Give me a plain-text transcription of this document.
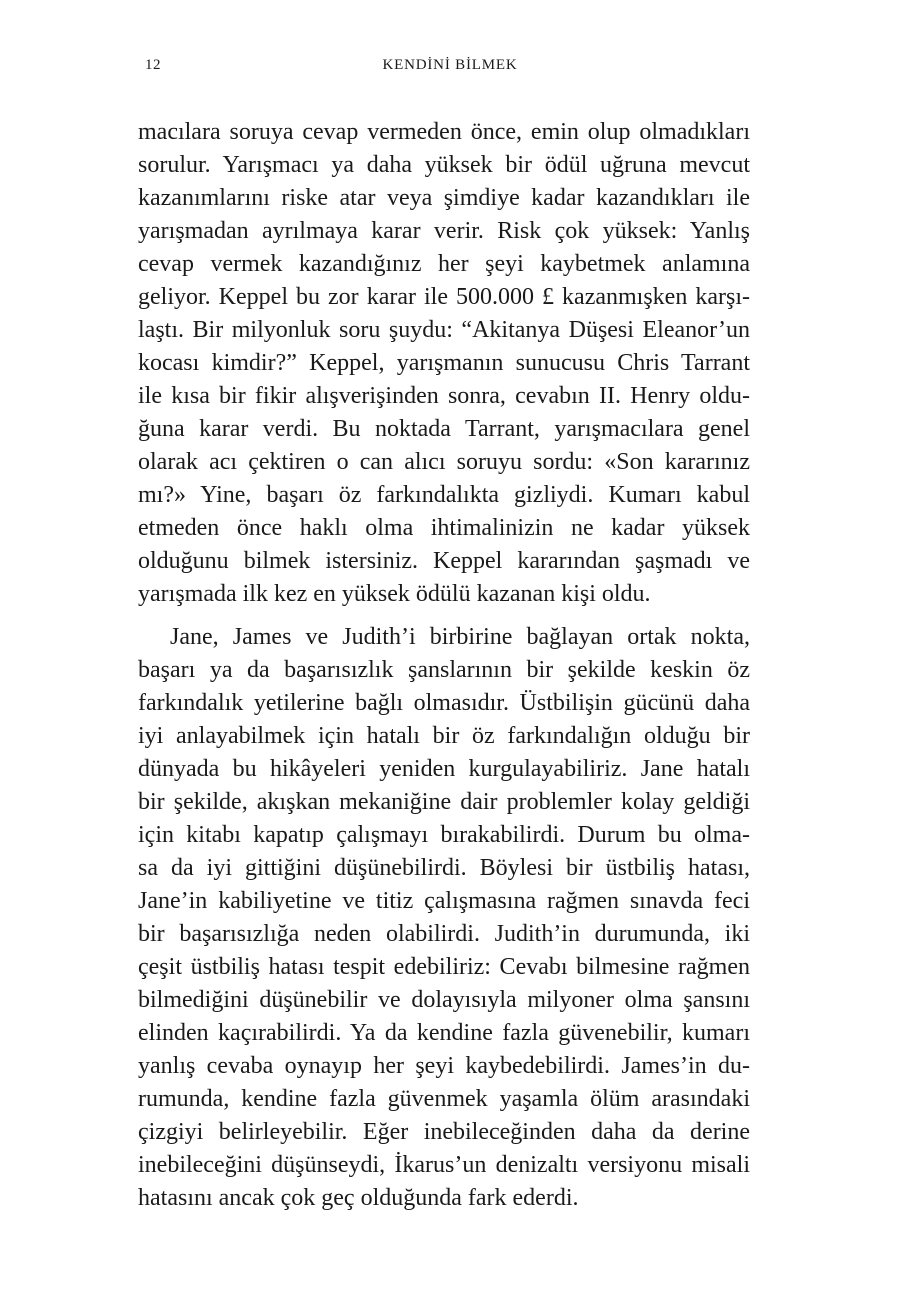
12	KENDİNİ BİLMEK
macılara soruya cevap vermeden önce, emin olup olmadıkları
sorulur. Yarışmacı ya daha yüksek bir ödül uğruna mevcut
kazanımlarını riske atar veya şimdiye kadar kazandıkları ile
yarışmadan ayrılmaya karar verir. Risk çok yüksek: Yanlış
cevap vermek kazandığınız her şeyi kaybetmek anlamına
geliyor. Keppel bu zor karar ile 500.000 £ kazanmışken karşı-
laştı. Bir milyonluk soru şuydu: “Akitanya Düşesi Eleanor’un
kocası kimdir?” Keppel, yarışmanın sunucusu Chris Tarrant
ile kısa bir fikir alışverişinden sonra, cevabın II. Henry oldu-
ğuna karar verdi. Bu noktada Tarrant, yarışmacılara genel
olarak acı çektiren o can alıcı soruyu sordu: «Son kararınız
mı?» Yine, başarı öz farkındalıkta gizliydi. Kumarı kabul
etmeden önce haklı olma ihtimalinizin ne kadar yüksek
olduğunu bilmek istersiniz. Keppel kararından şaşmadı ve
yarışmada ilk kez en yüksek ödülü kazanan kişi oldu.
Jane, James ve Judith’i birbirine bağlayan ortak nokta,
başarı ya da başarısızlık şanslarının bir şekilde keskin öz
farkındalık yetilerine bağlı olmasıdır. Üstbilişin gücünü daha
iyi anlayabilmek için hatalı bir öz farkındalığın olduğu bir
dünyada bu hikâyeleri yeniden kurgulayabiliriz. Jane hatalı
bir şekilde, akışkan mekaniğine dair problemler kolay geldiği
için kitabı kapatıp çalışmayı bırakabilirdi. Durum bu olma-
sa da iyi gittiğini düşünebilirdi. Böylesi bir üstbiliş hatası,
Jane’in kabiliyetine ve titiz çalışmasına rağmen sınavda feci
bir başarısızlığa neden olabilirdi. Judith’in durumunda, iki
çeşit üstbiliş hatası tespit edebiliriz: Cevabı bilmesine rağmen
bilmediğini düşünebilir ve dolayısıyla milyoner olma şansını
elinden kaçırabilirdi. Ya da kendine fazla güvenebilir, kumarı
yanlış cevaba oynayıp her şeyi kaybedebilirdi. James’in du-
rumunda, kendine fazla güvenmek yaşamla ölüm arasındaki
çizgiyi belirleyebilir. Eğer inebileceğinden daha da derine
inebileceğini düşünseydi, İkarus’un denizaltı versiyonu misali
hatasını ancak çok geç olduğunda fark ederdi.
